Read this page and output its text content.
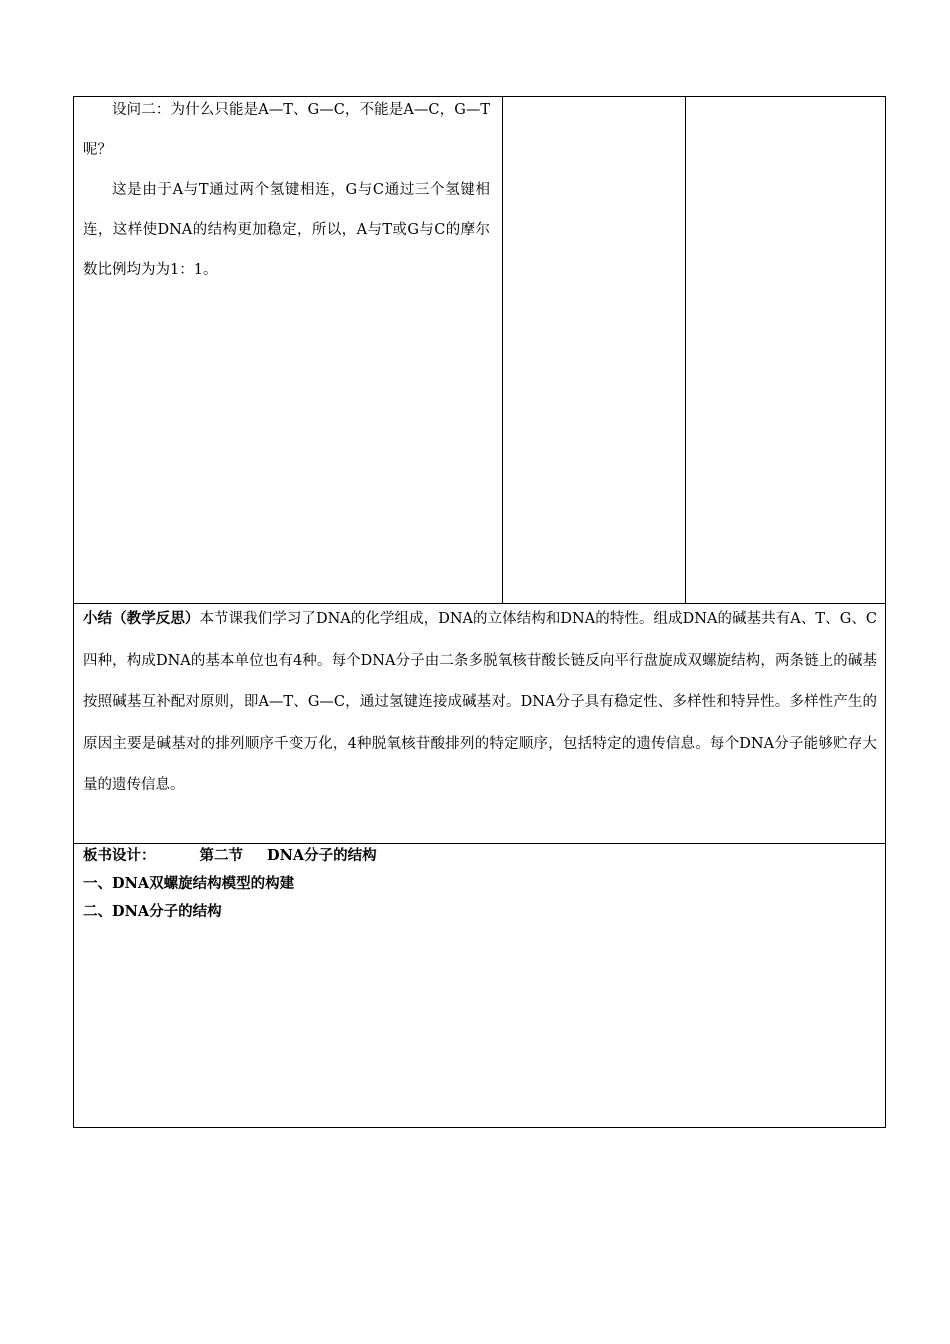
设问二：为什么只能是A—T、G—C，不能是A—C，G—T呢？

这是由于A与T通过两个氢键相连，G与C通过三个氢键相连，这样使DNA的结构更加稳定，所以，A与T或G与C的摩尔数比例均为为1：1。

小结（教学反思）本节课我们学习了DNA的化学组成，DNA的立体结构和DNA的特性。组成DNA的碱基共有A、T、G、C四种，构成DNA的基本单位也有4种。每个DNA分子由二条多脱氧核苷酸长链反向平行盘旋成双螺旋结构，两条链上的碱基按照碱基互补配对原则，即A—T、G—C，通过氢键连接成碱基对。DNA分子具有稳定性、多样性和特异性。多样性产生的原因主要是碱基对的排列顺序千变万化，4种脱氧核苷酸排列的特定顺序，包括特定的遗传信息。每个DNA分子能够贮存大量的遗传信息。
板书设计：	第二节 DNA分子的结构
一、DNA双螺旋结构模型的构建
二、DNA分子的结构
